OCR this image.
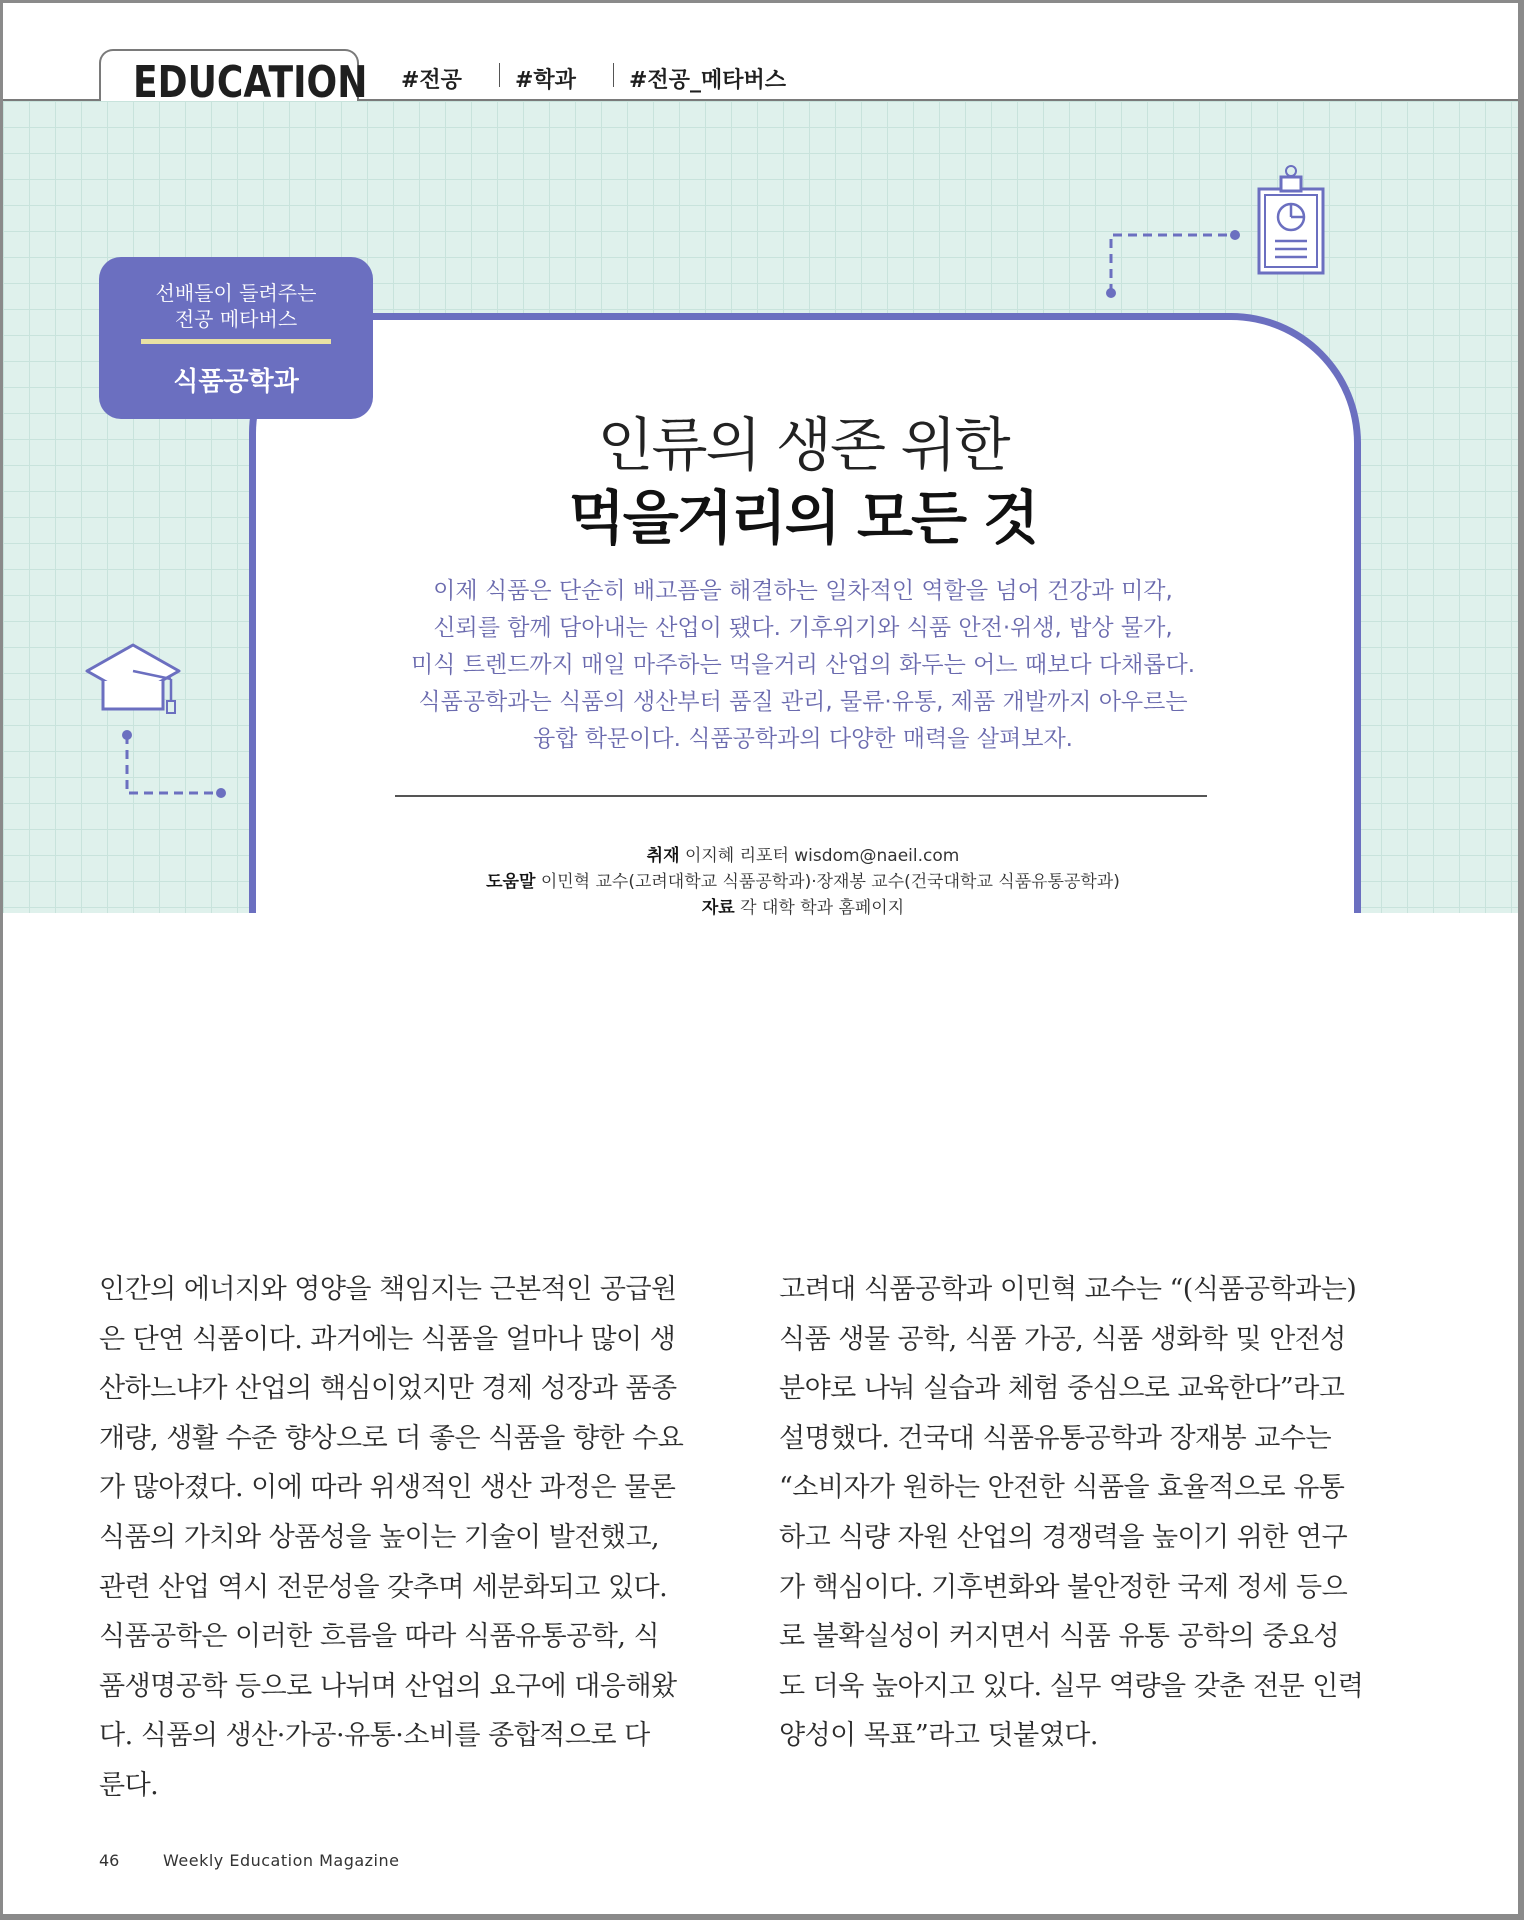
EDUCATION #전공 #학과 #전공_메타버스
선배들이 들려주는
전공 메타버스
식품공학과
인류의 생존 위한
먹을거리의 모든 것
이제 식품은 단순히 배고픔을 해결하는 일차적인 역할을 넘어 건강과 미각,
신뢰를 함께 담아내는 산업이 됐다. 기후위기와 식품 안전·위생, 밥상 물가,
미식 트렌드까지 매일 마주하는 먹을거리 산업의 화두는 어느 때보다 다채롭다.
식품공학과는 식품의 생산부터 품질 관리, 물류·유통, 제품 개발까지 아우르는
융합 학문이다. 식품공학과의 다양한 매력을 살펴보자.
취재 이지혜 리포터 wisdom@naeil.com
도움말 이민혁 교수(고려대학교 식품공학과)·장재봉 교수(건국대학교 식품유통공학과)
자료 각 대학 학과 홈페이지
인간의 에너지와 영양을 책임지는 근본적인 공급원
은 단연 식품이다. 과거에는 식품을 얼마나 많이 생
산하느냐가 산업의 핵심이었지만 경제 성장과 품종
개량, 생활 수준 향상으로 더 좋은 식품을 향한 수요
가 많아졌다. 이에 따라 위생적인 생산 과정은 물론
식품의 가치와 상품성을 높이는 기술이 발전했고,
관련 산업 역시 전문성을 갖추며 세분화되고 있다.
식품공학은 이러한 흐름을 따라 식품유통공학, 식
품생명공학 등으로 나뉘며 산업의 요구에 대응해왔
다. 식품의 생산·가공·유통·소비를 종합적으로 다
룬다.
고려대 식품공학과 이민혁 교수는 “(식품공학과는)
식품 생물 공학, 식품 가공, 식품 생화학 및 안전성
분야로 나눠 실습과 체험 중심으로 교육한다”라고
설명했다. 건국대 식품유통공학과 장재봉 교수는
“소비자가 원하는 안전한 식품을 효율적으로 유통
하고 식량 자원 산업의 경쟁력을 높이기 위한 연구
가 핵심이다. 기후변화와 불안정한 국제 정세 등으
로 불확실성이 커지면서 식품 유통 공학의 중요성
도 더욱 높아지고 있다. 실무 역량을 갖춘 전문 인력
양성이 목표”라고 덧붙였다.
46	Weekly Education Magazine
